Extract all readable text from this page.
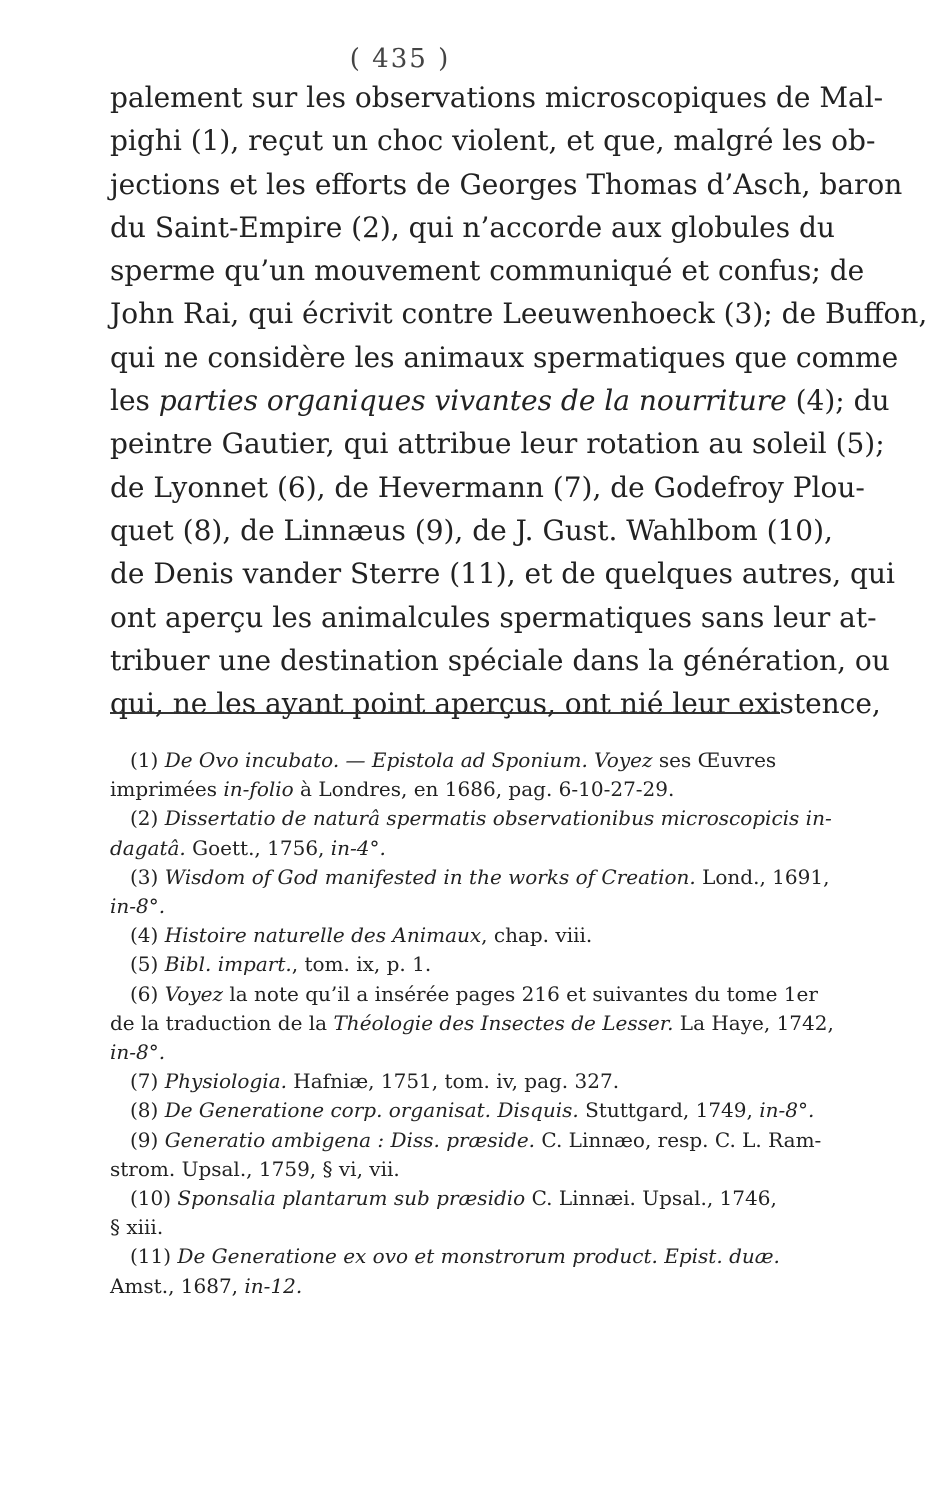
( 435 )
palement sur les observations microscopiques de Mal-
pighi (1), reçut un choc violent, et que, malgré les ob-
jections et les efforts de Georges Thomas d’Asch, baron
du Saint-Empire (2), qui n’accorde aux globules du
sperme qu’un mouvement communiqué et confus; de
John Rai, qui écrivit contre Leeuwenhoeck (3); de Buffon,
qui ne considère les animaux spermatiques que comme
les parties organiques vivantes de la nourriture (4); du
peintre Gautier, qui attribue leur rotation au soleil (5);
de Lyonnet (6), de Hevermann (7), de Godefroy Plou-
quet (8), de Linnæus (9), de J. Gust. Wahlbom (10),
de Denis vander Sterre (11), et de quelques autres, qui
ont aperçu les animalcules spermatiques sans leur at-
tribuer une destination spéciale dans la génération, ou
qui, ne les ayant point aperçus, ont nié leur existence,
(1) De Ovo incubato. — Epistola ad Sponium. Voyez ses Œuvres
imprimées in-folio à Londres, en 1686, pag. 6-10-27-29.
(2) Dissertatio de naturâ spermatis observationibus microscopicis in-
dagatâ. Goett., 1756, in-4°.
(3) Wisdom of God manifested in the works of Creation. Lond., 1691,
in-8°.
(4) Histoire naturelle des Animaux, chap. viii.
(5) Bibl. impart., tom. ix, p. 1.
(6) Voyez la note qu’il a insérée pages 216 et suivantes du tome 1er
de la traduction de la Théologie des Insectes de Lesser. La Haye, 1742,
in-8°.
(7) Physiologia. Hafniæ, 1751, tom. iv, pag. 327.
(8) De Generatione corp. organisat. Disquis. Stuttgard, 1749, in-8°.
(9) Generatio ambigena : Diss. præside. C. Linnæo, resp. C. L. Ram-
strom. Upsal., 1759, § vi, vii.
(10) Sponsalia plantarum sub præsidio C. Linnæi. Upsal., 1746,
§ xiii.
(11) De Generatione ex ovo et monstrorum product. Epist. duæ.
Amst., 1687, in-12.
